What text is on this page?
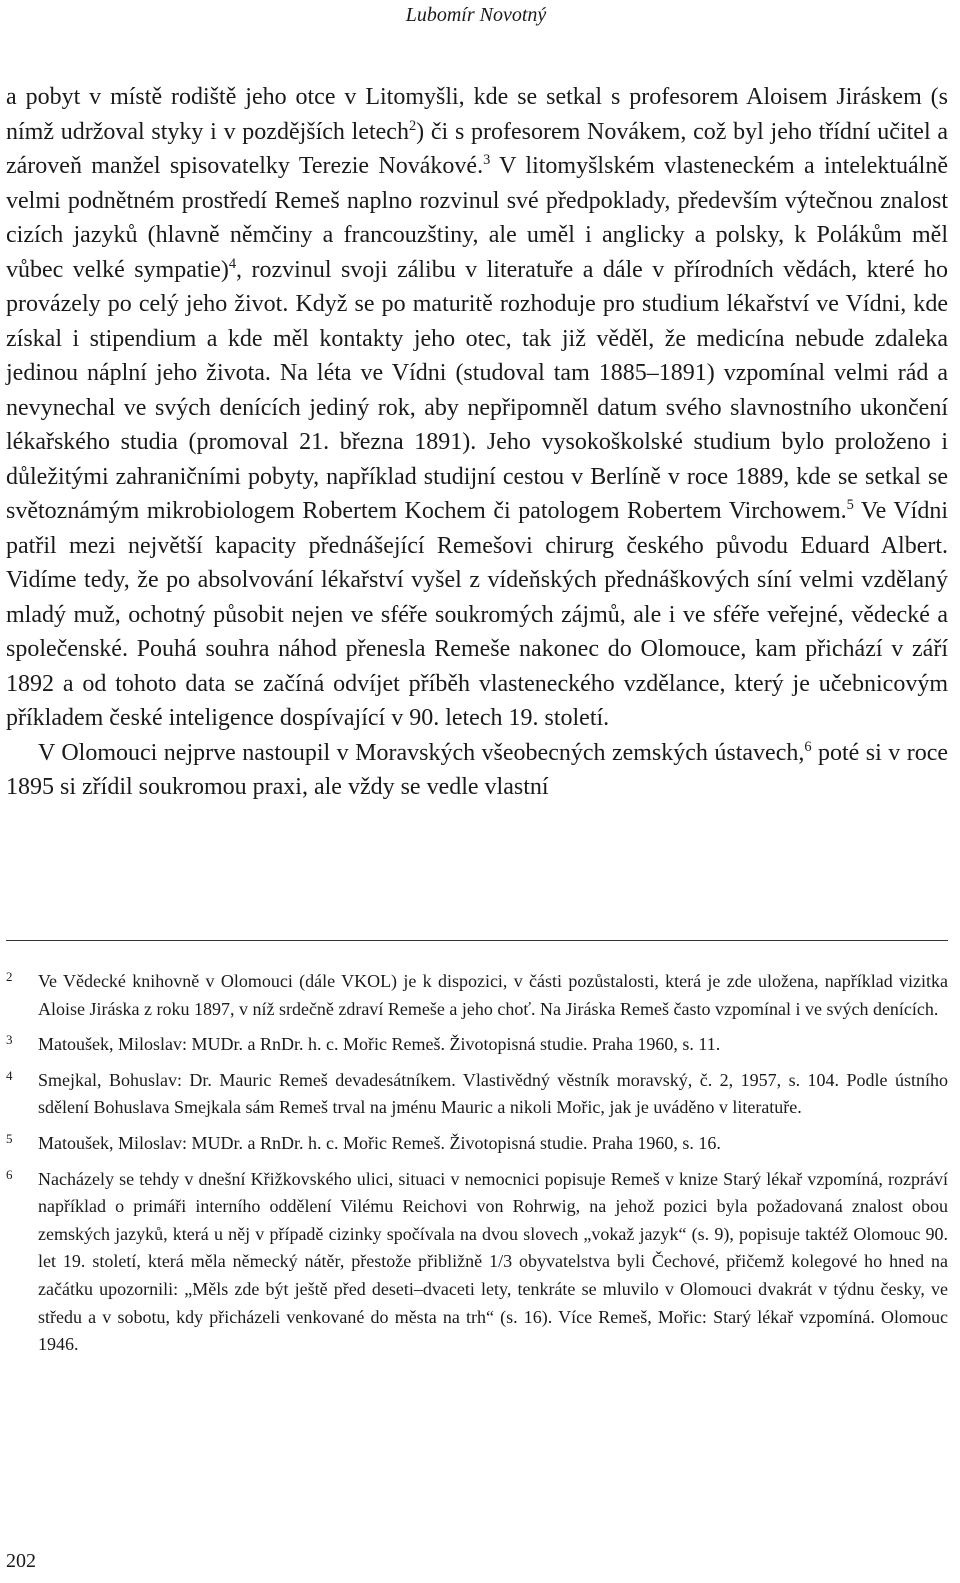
Lubomír Novotný

a pobyt v místě rodiště jeho otce v Litomyšli, kde se setkal s profesorem Aloisem Jiráskem (s nímž udržoval styky i v pozdějších letech$^2$) či s profesorem Novákem, což byl jeho třídní učitel a zároveň manžel spisovatelky Terezie Novákové.$^3$ V litomyšlském vlasteneckém a intelektuálně velmi podnětném prostředí Remeš naplno rozvinul své předpoklady, především výtečnou znalost cizích jazyků (hlavně němčiny a francouzštiny, ale uměl i anglicky a polsky, k Polákům měl vůbec velké sympatie)$^4$, rozvinul svoji zálibu v literatuře a dále v přírodních vědách, které ho provázely po celý jeho život. Když se po maturitě rozhoduje pro studium lékařství ve Vídni, kde získal i stipendium a kde měl kontakty jeho otec, tak již věděl, že medicína nebude zdaleka jedinou náplní jeho života. Na léta ve Vídni (studoval tam 1885–1891) vzpomínal velmi rád a nevynechal ve svých denících jediný rok, aby nepřipomněl datum svého slavnostního ukončení lékařského studia (promoval 21. března 1891). Jeho vysokoškolské studium bylo proloženo i důležitými zahraničními pobyty, například studijní cestou v Berlíně v roce 1889, kde se setkal se světoznámým mikrobiologem Robertem Kochem či patologem Robertem Virchowem.$^5$ Ve Vídni patřil mezi největší kapacity přednášející Remešovi chirurg českého původu Eduard Albert. Vidíme tedy, že po absolvování lékařství vyšel z vídeňských přednáškových síní velmi vzdělaný mladý muž, ochotný působit nejen ve sféře soukromých zájmů, ale i ve sféře veřejné, vědecké a společenské. Pouhá souhra náhod přenesla Remeše nakonec do Olomouce, kam přichází v září 1892 a od tohoto data se začíná odvíjet příběh vlasteneckého vzdělance, který je učebnicovým příkladem české inteligence dospívající v 90. letech 19. století.

V Olomouci nejprve nastoupil v Moravských všeobecných zemských ústavech,$^6$ poté si v roce 1895 si zřídil soukromou praxi, ale vždy se vedle vlastní

2	Ve Vědecké knihovně v Olomouci (dále VKOL) je k dispozici, v části pozůstalosti, která je zde uložena, například vizitka Aloise Jiráska z roku 1897, v níž srdečně zdraví Remeše a jeho choť. Na Jiráska Remeš často vzpomínal i ve svých denících.
3	Matoušek, Miloslav: MUDr. a RnDr. h. c. Mořic Remeš. Životopisná studie. Praha 1960, s. 11.
4	Smejkal, Bohuslav: Dr. Mauric Remeš devadesátníkem. Vlastivědný věstník moravský, č. 2, 1957, s. 104. Podle ústního sdělení Bohuslava Smejkala sám Remeš trval na jménu Mauric a nikoli Mořic, jak je uváděno v literatuře.
5	Matoušek, Miloslav: MUDr. a RnDr. h. c. Mořic Remeš. Životopisná studie. Praha 1960, s. 16.
6	Nacházely se tehdy v dnešní Křižkovského ulici, situaci v nemocnici popisuje Remeš v knize Starý lékař vzpomíná, rozpráví například o primáři interního oddělení Vilému Reichovi von Rohrwig, na jehož pozici byla požadovaná znalost obou zemských jazyků, která u něj v případě cizinky spočívala na dvou slovech „vokaž jazyk“ (s. 9), popisuje taktéž Olomouc 90. let 19. století, která měla německý nátěr, přestože přibližně 1/3 obyvatelstva byli Čechové, přičemž kolegové ho hned na začátku upozornili: „Měls zde být ještě před deseti–dvaceti lety, tenkráte se mluvilo v Olomouci dvakrát v týdnu česky, ve středu a v sobotu, kdy přicházeli venkované do města na trh“ (s. 16). Více Remeš, Mořic: Starý lékař vzpomíná. Olomouc 1946.
202
